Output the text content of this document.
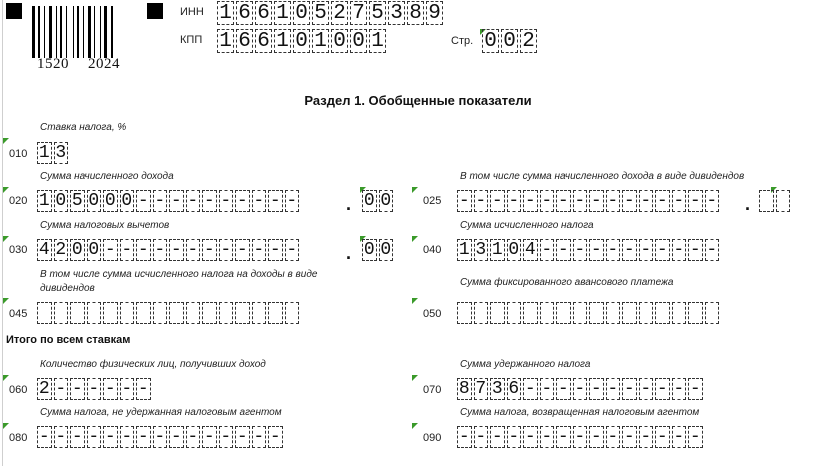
1520 2024
ИНН 1 6 6 1 0 5 2 7 5 3 8 9
КПП 1 6 6 1 0 1 0 0 1	Стр. 0 0 2
Раздел 1. Обобщенные показатели
Ставка налога, %
010 1 3
Сумма начисленного дохода
020 1 0 5 0 0 0 - - - - - - - - - -	. 0 0
В том числе сумма начисленного дохода в виде дивидендов
025 - - - - - - - - - - - - - - - - .
Сумма налоговых вычетов
030 4 2 0 0 - - - - - - - - - - - -	. 0 0
Сумма исчисленного налога
040 1 3 1 0 4 - - - - - - - - - - -
В том числе сумма исчисленного налога на доходы в виде дивидендов
045
Сумма фиксированного авансового платежа
050
Итого по всем ставкам
Количество физических лиц, получивших доход
060 2 - - - - - -
Сумма удержанного налога
070 8 7 3 6 - - - - - - - - - - -
Сумма налога, не удержанная налоговым агентом
080 - - - - - - - - - - - - - - -
Сумма налога, возвращенная налоговым агентом
090 - - - - - - - - - - - - - - -
